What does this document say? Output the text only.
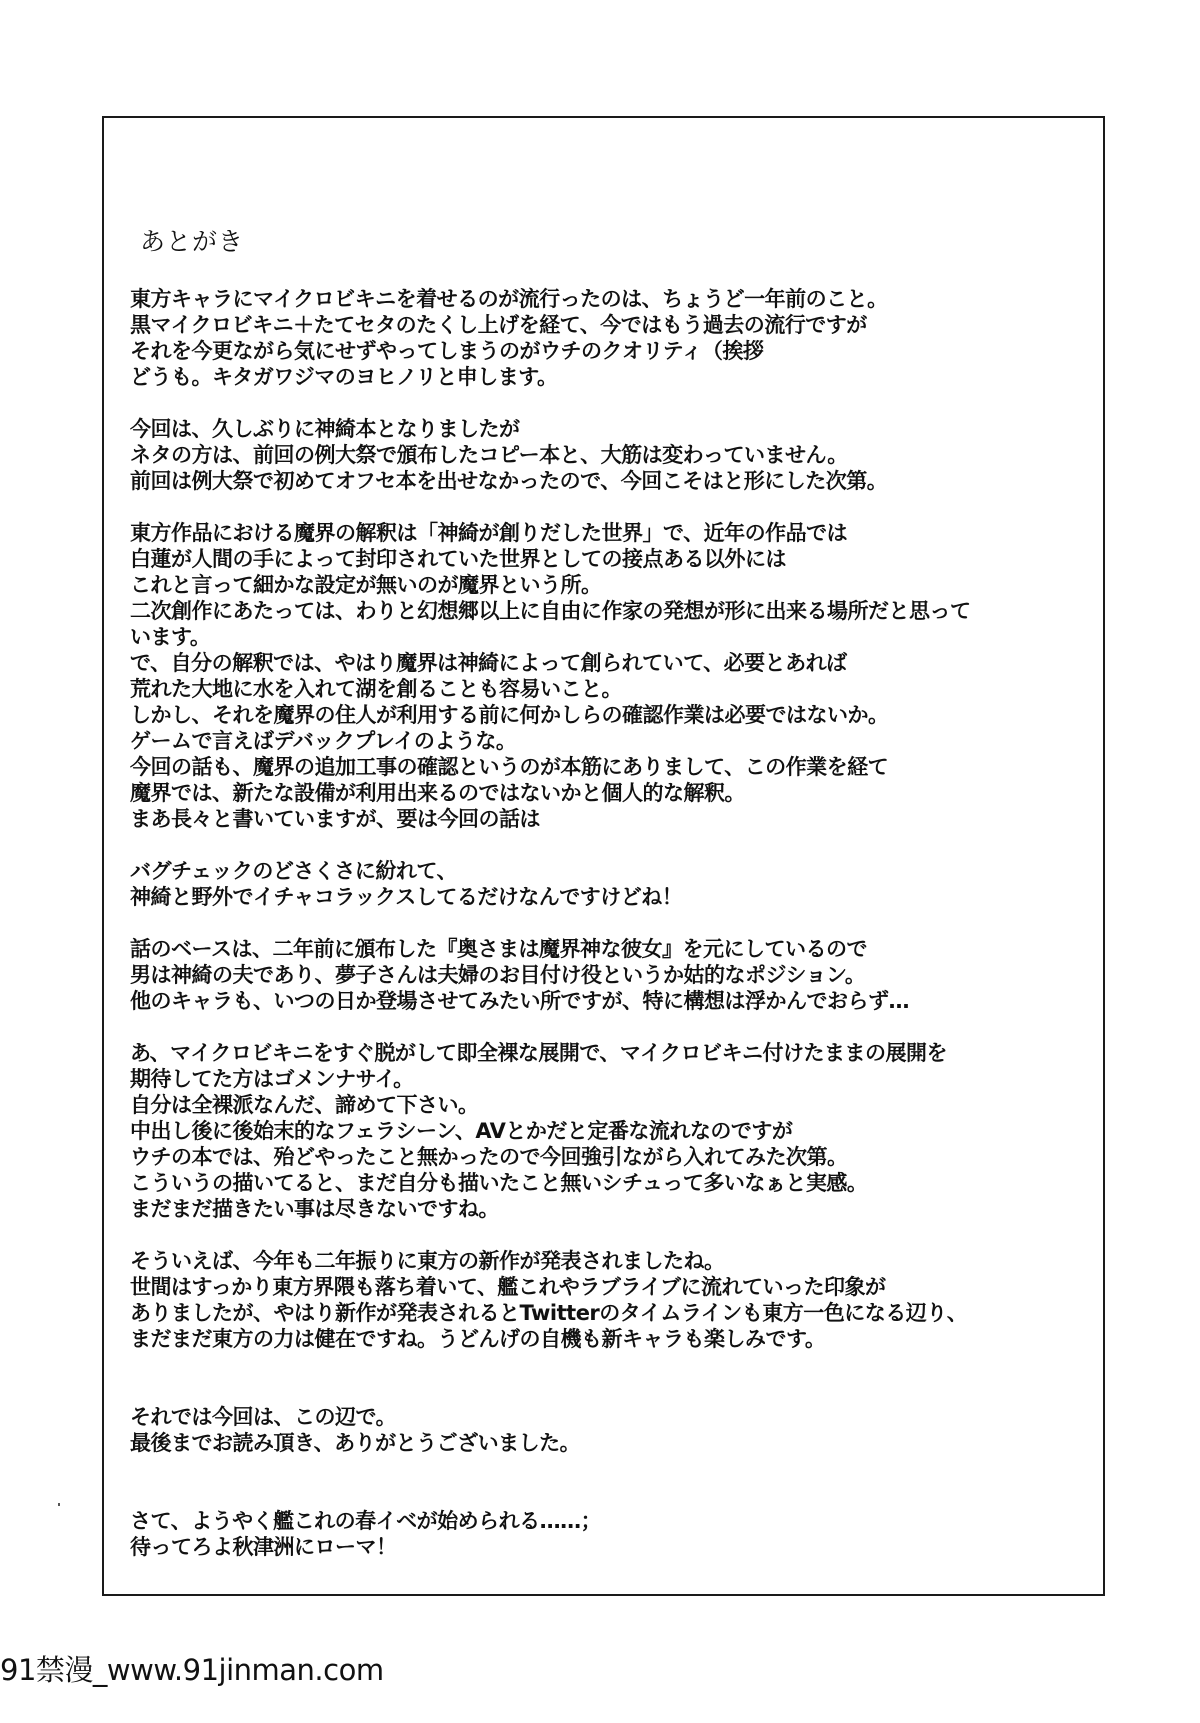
あとがき
東方キャラにマイクロビキニを着せるのが流行ったのは、ちょうど一年前のこと。
黒マイクロビキニ＋たてセタのたくし上げを経て、今ではもう過去の流行ですが
それを今更ながら気にせずやってしまうのがウチのクオリティ（挨拶
どうも。キタガワジマのヨヒノリと申します。
今回は、久しぶりに神綺本となりましたが
ネタの方は、前回の例大祭で頒布したコピー本と、大筋は変わっていません。
前回は例大祭で初めてオフセ本を出せなかったので、今回こそはと形にした次第。
東方作品における魔界の解釈は「神綺が創りだした世界」で、近年の作品では
白蓮が人間の手によって封印されていた世界としての接点ある以外には
これと言って細かな設定が無いのが魔界という所。
二次創作にあたっては、わりと幻想郷以上に自由に作家の発想が形に出来る場所だと思って
います。
で、自分の解釈では、やはり魔界は神綺によって創られていて、必要とあれば
荒れた大地に水を入れて湖を創ることも容易いこと。
しかし、それを魔界の住人が利用する前に何かしらの確認作業は必要ではないか。
ゲームで言えばデバックプレイのような。
今回の話も、魔界の追加工事の確認というのが本筋にありまして、この作業を経て
魔界では、新たな設備が利用出来るのではないかと個人的な解釈。
まあ長々と書いていますが、要は今回の話は
バグチェックのどさくさに紛れて、
神綺と野外でイチャコラックスしてるだけなんですけどね！
話のベースは、二年前に頒布した『奥さまは魔界神な彼女』を元にしているので
男は神綺の夫であり、夢子さんは夫婦のお目付け役というか姑的なポジション。
他のキャラも、いつの日か登場させてみたい所ですが、特に構想は浮かんでおらず…
あ、マイクロビキニをすぐ脱がして即全裸な展開で、マイクロビキニ付けたままの展開を
期待してた方はゴメンナサイ。
自分は全裸派なんだ、諦めて下さい。
中出し後に後始末的なフェラシーン、AVとかだと定番な流れなのですが
ウチの本では、殆どやったこと無かったので今回強引ながら入れてみた次第。
こういうの描いてると、まだ自分も描いたこと無いシチュって多いなぁと実感。
まだまだ描きたい事は尽きないですね。
そういえば、今年も二年振りに東方の新作が発表されましたね。
世間はすっかり東方界隈も落ち着いて、艦これやラブライブに流れていった印象が
ありましたが、やはり新作が発表されるとTwitterのタイムラインも東方一色になる辺り、
まだまだ東方の力は健在ですね。うどんげの自機も新キャラも楽しみです。
それでは今回は、この辺で。
最後までお読み頂き、ありがとうございました。
さて、ようやく艦これの春イベが始められる……；
待ってろよ秋津洲にローマ！
91禁漫_www.91jinman.com
